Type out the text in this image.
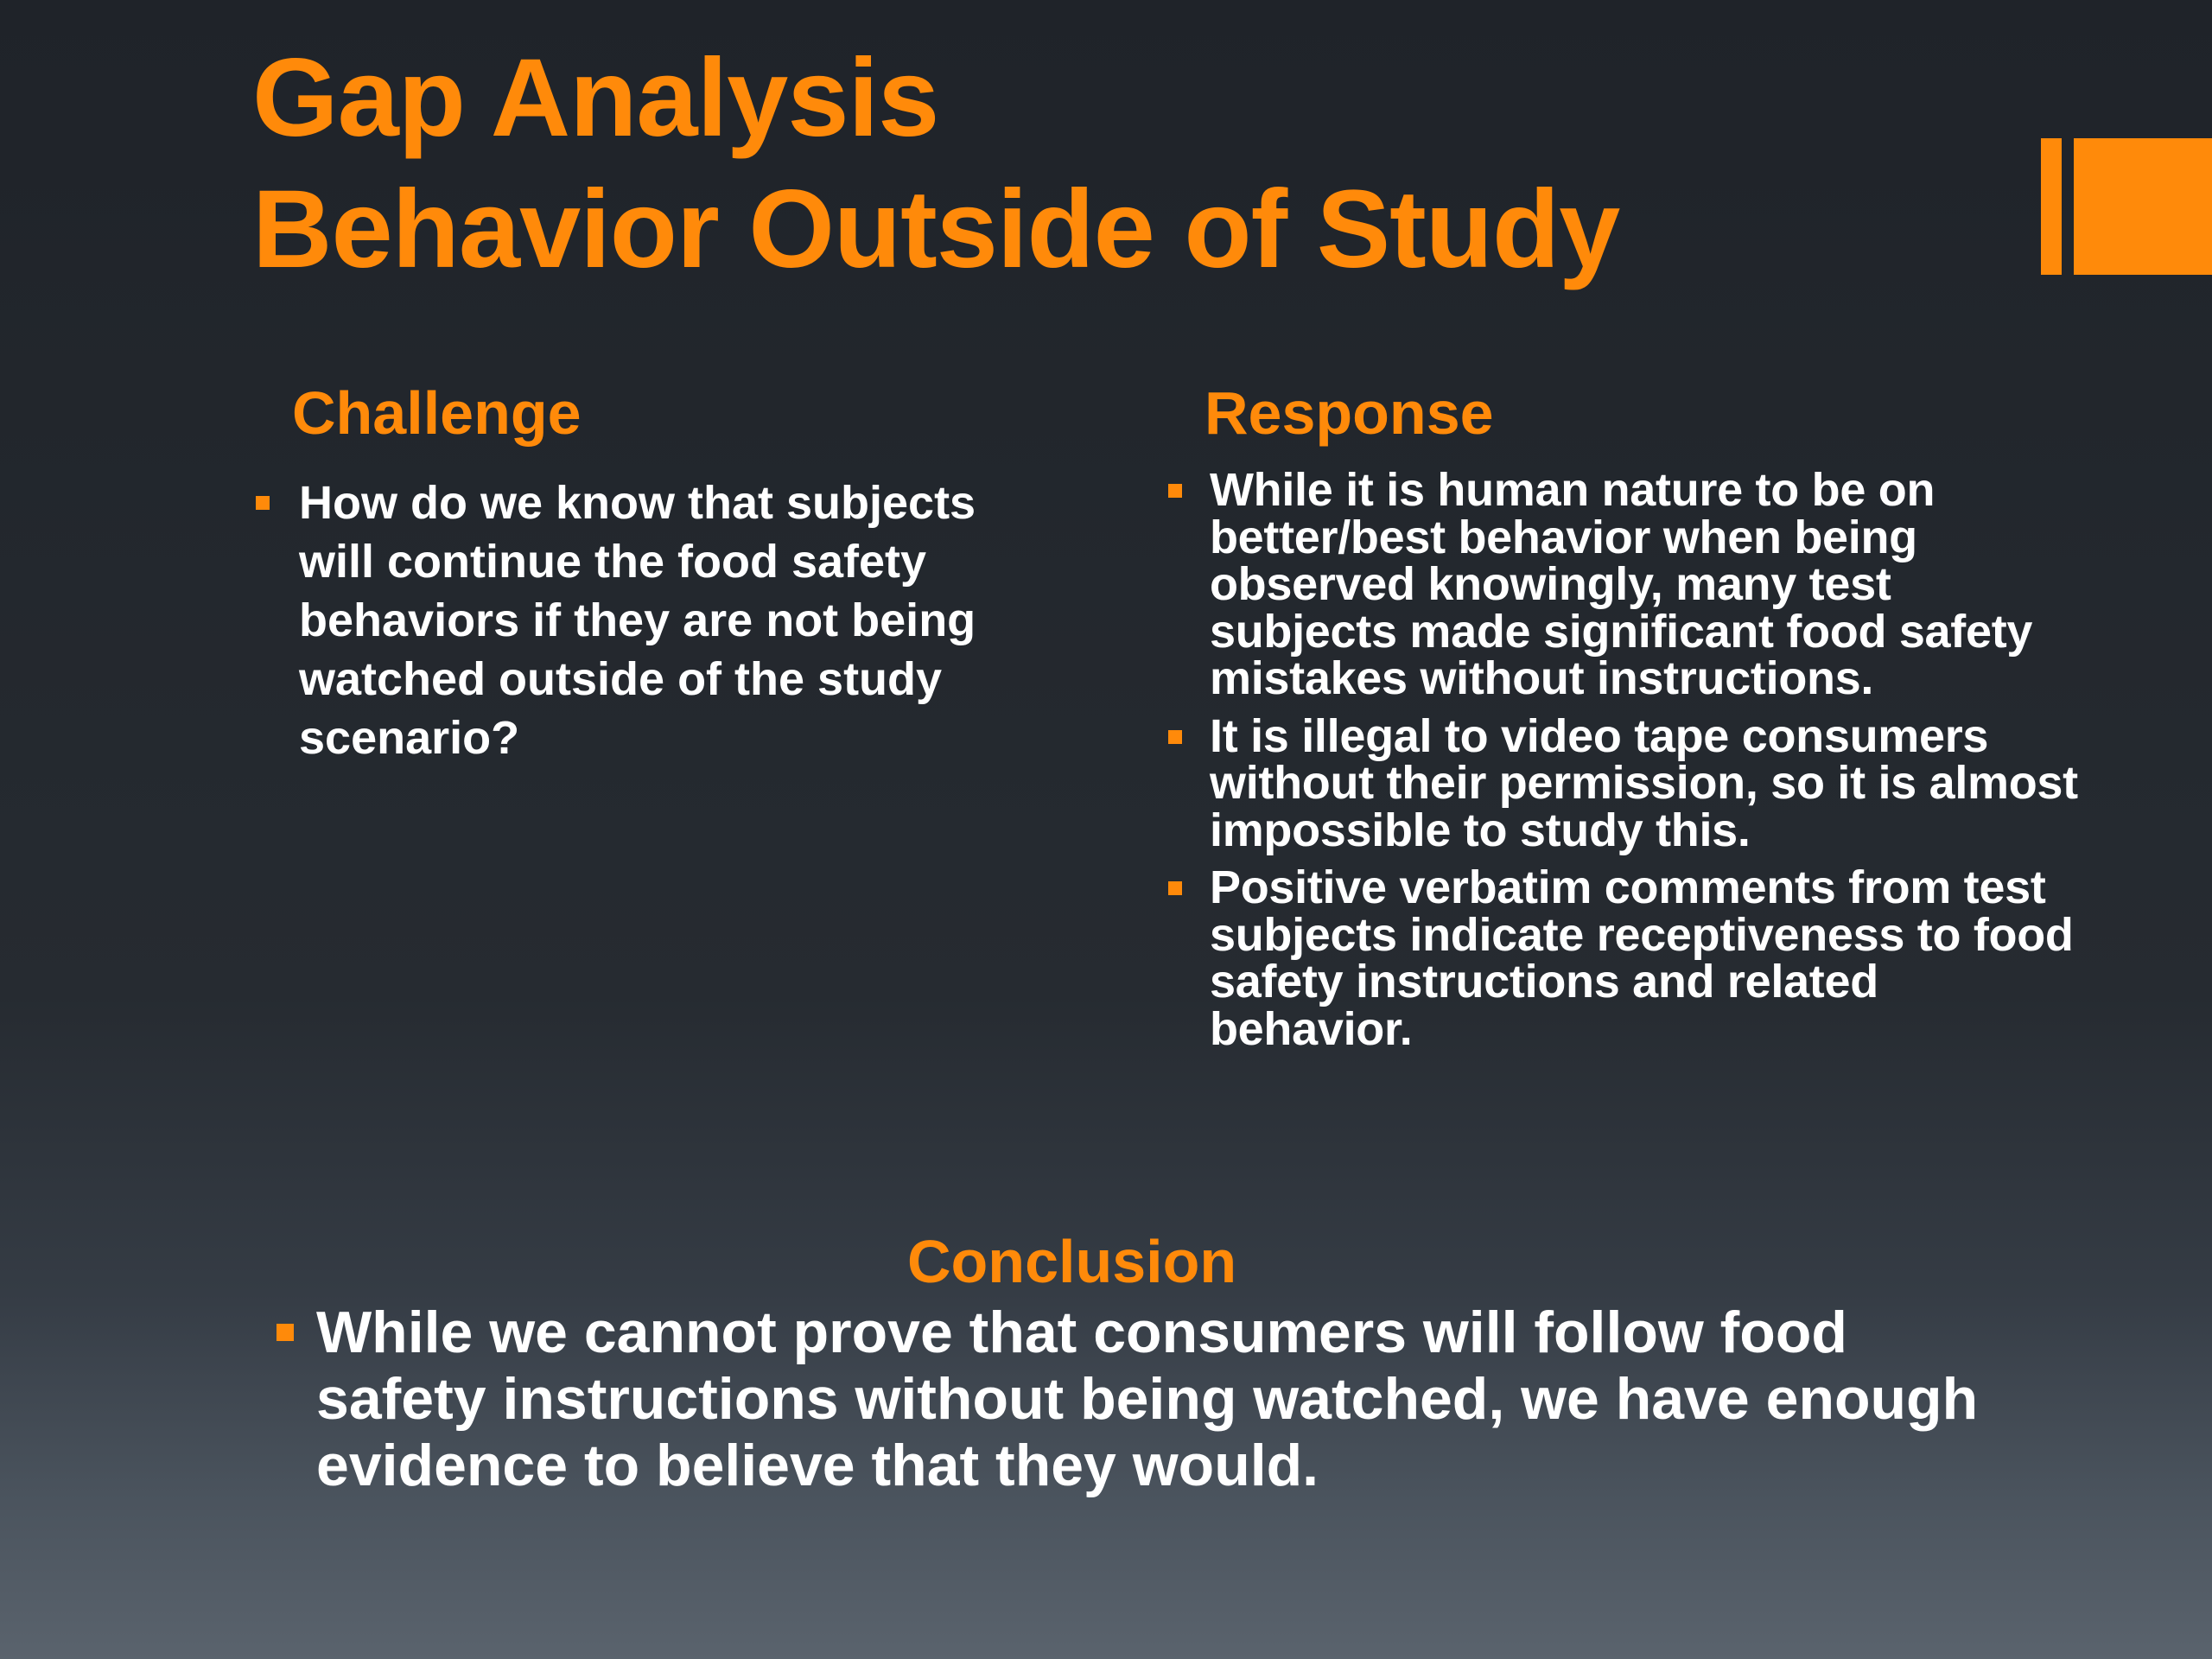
Gap Analysis
Behavior Outside of Study
Challenge
How do we know that subjects will continue the food safety behaviors if they are not being watched outside of the study scenario?
Response
While it is human nature to be on better/best behavior when being observed knowingly, many test subjects made significant food safety mistakes without instructions.
It is illegal to video tape consumers without their permission, so it is almost impossible to study this.
Positive verbatim comments from test subjects indicate receptiveness to food safety instructions and related behavior.
Conclusion
While we cannot prove that consumers will follow food safety instructions without being watched, we have enough evidence to believe that they would.
